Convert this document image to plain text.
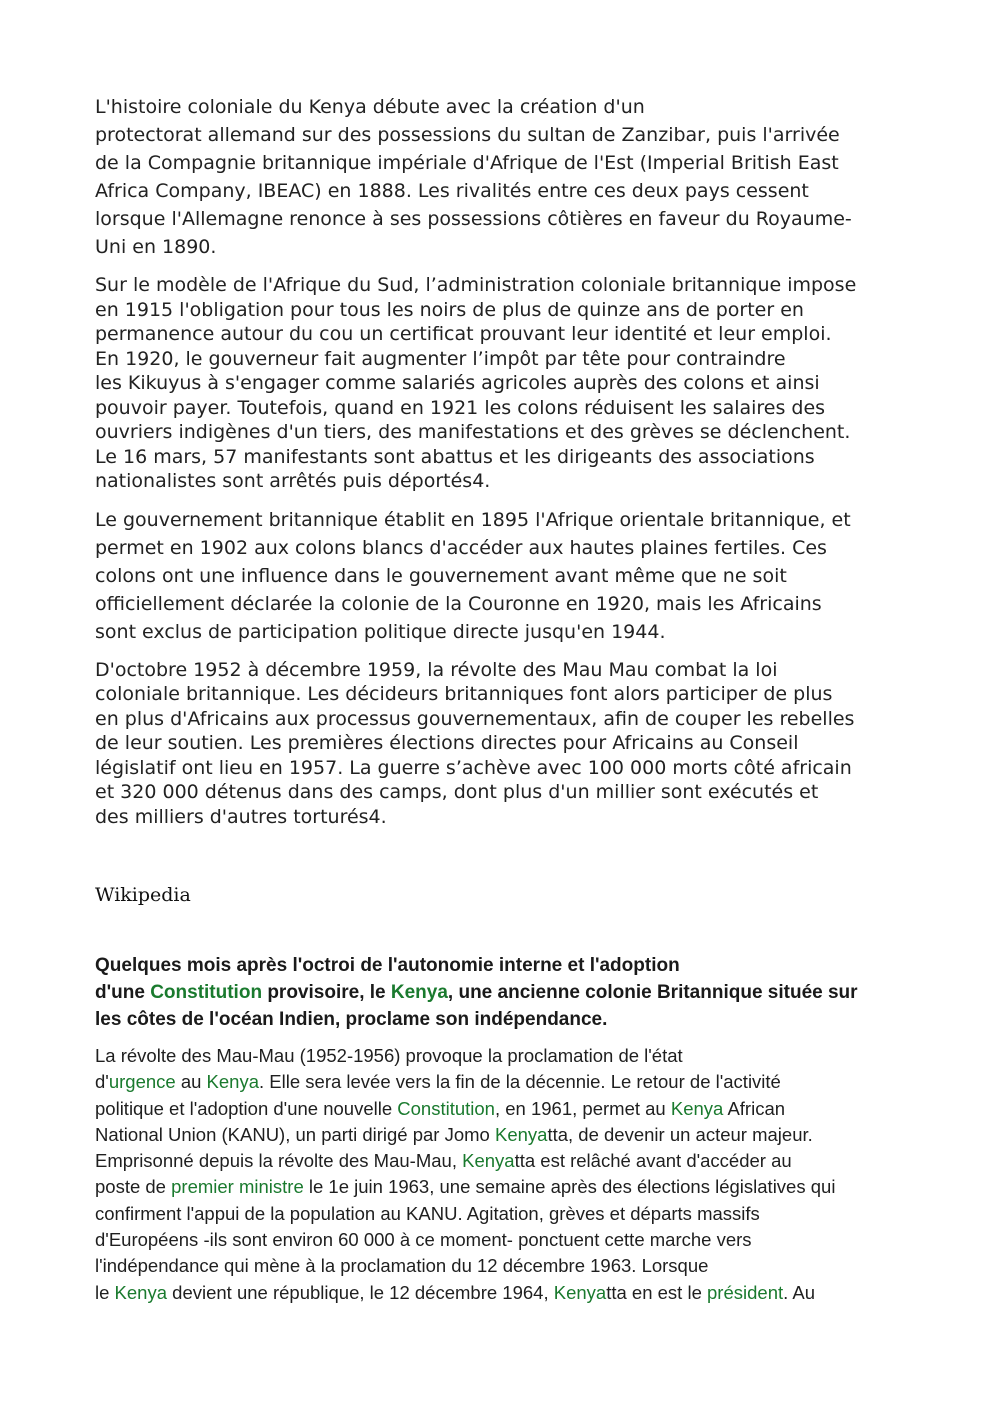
L'histoire coloniale du Kenya débute avec la création d'un
protectorat allemand sur des possessions du sultan de Zanzibar, puis l'arrivée
de la Compagnie britannique impériale d'Afrique de l'Est (Imperial British East
Africa Company, IBEAC) en 1888. Les rivalités entre ces deux pays cessent
lorsque l'Allemagne renonce à ses possessions côtières en faveur du Royaume-
Uni en 1890.

Sur le modèle de l'Afrique du Sud, l’administration coloniale britannique impose
en 1915 l'obligation pour tous les noirs de plus de quinze ans de porter en
permanence autour du cou un certificat prouvant leur identité et leur emploi.
En 1920, le gouverneur fait augmenter l’impôt par tête pour contraindre
les Kikuyus à s'engager comme salariés agricoles auprès des colons et ainsi
pouvoir payer. Toutefois, quand en 1921 les colons réduisent les salaires des
ouvriers indigènes d'un tiers, des manifestations et des grèves se déclenchent.
Le 16 mars, 57 manifestants sont abattus et les dirigeants des associations
nationalistes sont arrêtés puis déportés4.

Le gouvernement britannique établit en 1895 l'Afrique orientale britannique, et
permet en 1902 aux colons blancs d'accéder aux hautes plaines fertiles. Ces
colons ont une influence dans le gouvernement avant même que ne soit
officiellement déclarée la colonie de la Couronne en 1920, mais les Africains
sont exclus de participation politique directe jusqu'en 1944.

D'octobre 1952 à décembre 1959, la révolte des Mau Mau combat la loi
coloniale britannique. Les décideurs britanniques font alors participer de plus
en plus d'Africains aux processus gouvernementaux, afin de couper les rebelles
de leur soutien. Les premières élections directes pour Africains au Conseil
législatif ont lieu en 1957. La guerre s’achève avec 100 000 morts côté africain
et 320 000 détenus dans des camps, dont plus d'un millier sont exécutés et
des milliers d'autres torturés4.

Wikipedia

Quelques mois après l'octroi de l'autonomie interne et l'adoption
d'une Constitution provisoire, le Kenya, une ancienne colonie Britannique située sur
les côtes de l'océan Indien, proclame son indépendance.

La révolte des Mau-Mau (1952-1956) provoque la proclamation de l'état
d'urgence au Kenya. Elle sera levée vers la fin de la décennie. Le retour de l'activité
politique et l'adoption d'une nouvelle Constitution, en 1961, permet au Kenya African
National Union (KANU), un parti dirigé par Jomo Kenyatta, de devenir un acteur majeur.
Emprisonné depuis la révolte des Mau-Mau, Kenyatta est relâché avant d'accéder au
poste de premier ministre le 1e juin 1963, une semaine après des élections législatives qui
confirment l'appui de la population au KANU. Agitation, grèves et départs massifs
d'Européens -ils sont environ 60 000 à ce moment- ponctuent cette marche vers
l'indépendance qui mène à la proclamation du 12 décembre 1963. Lorsque
le Kenya devient une république, le 12 décembre 1964, Kenyatta en est le président. Au
